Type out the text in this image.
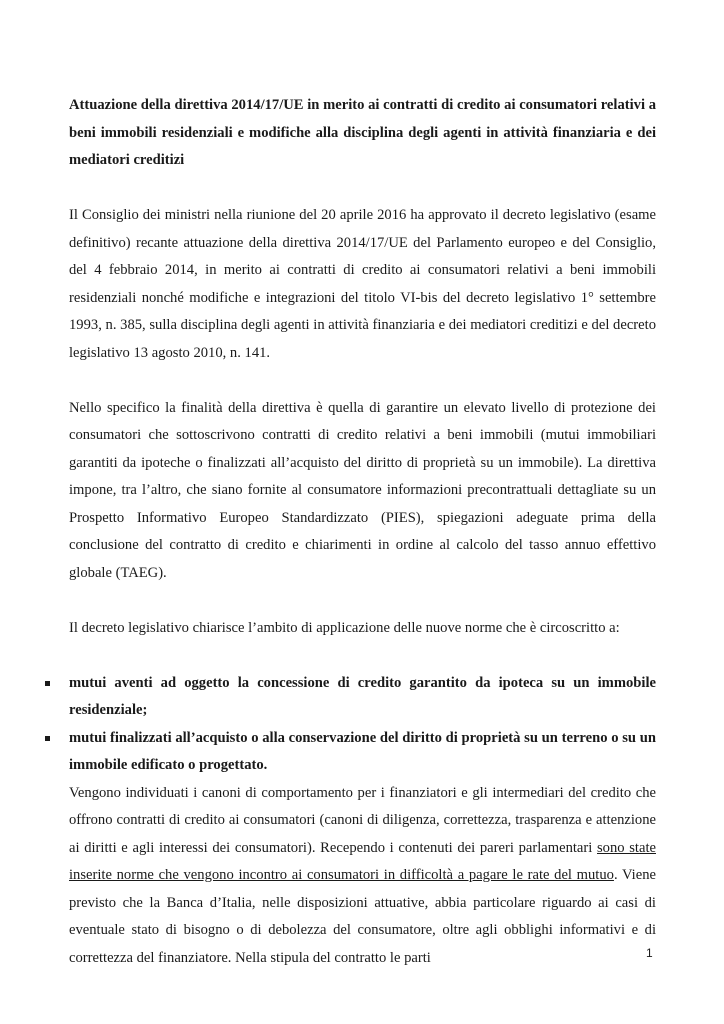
Attuazione della direttiva 2014/17/UE in merito ai contratti di credito ai consumatori relativi a beni immobili residenziali e modifiche alla disciplina degli agenti in attività finanziaria e dei mediatori creditizi

Il Consiglio dei ministri nella riunione del 20 aprile 2016 ha approvato il decreto legislativo (esame definitivo) recante attuazione della direttiva 2014/17/UE del Parlamento europeo e del Consiglio, del 4 febbraio 2014, in merito ai contratti di credito ai consumatori relativi a beni immobili residenziali nonché modifiche e integrazioni del titolo VI-bis del decreto legislativo 1° settembre 1993, n. 385, sulla disciplina degli agenti in attività finanziaria e dei mediatori creditizi e del decreto legislativo 13 agosto 2010, n. 141.

Nello specifico la finalità della direttiva è quella di garantire un elevato livello di protezione dei consumatori che sottoscrivono contratti di credito relativi a beni immobili (mutui immobiliari garantiti da ipoteche o finalizzati all’acquisto del diritto di proprietà su un immobile). La direttiva impone, tra l’altro, che siano fornite al consumatore informazioni precontrattuali dettagliate su un Prospetto Informativo Europeo Standardizzato (PIES), spiegazioni adeguate prima della conclusione del contratto di credito e chiarimenti in ordine al calcolo del tasso annuo effettivo globale (TAEG).

Il decreto legislativo chiarisce l’ambito di applicazione delle nuove norme che è circoscritto a:

mutui aventi ad oggetto la concessione di credito garantito da ipoteca su un immobile residenziale;
mutui finalizzati all’acquisto o alla conservazione del diritto di proprietà su un terreno o su un immobile edificato o progettato.

Vengono individuati i canoni di comportamento per i finanziatori e gli intermediari del credito che offrono contratti di credito ai consumatori (canoni di diligenza, correttezza, trasparenza e attenzione ai diritti e agli interessi dei consumatori). Recependo i contenuti dei pareri parlamentari sono state inserite norme che vengono incontro ai consumatori in difficoltà a pagare le rate del mutuo. Viene previsto che la Banca d’Italia, nelle disposizioni attuative, abbia particolare riguardo ai casi di eventuale stato di bisogno o di debolezza del consumatore, oltre agli obblighi informativi e di correttezza del finanziatore. Nella stipula del contratto le parti	1
